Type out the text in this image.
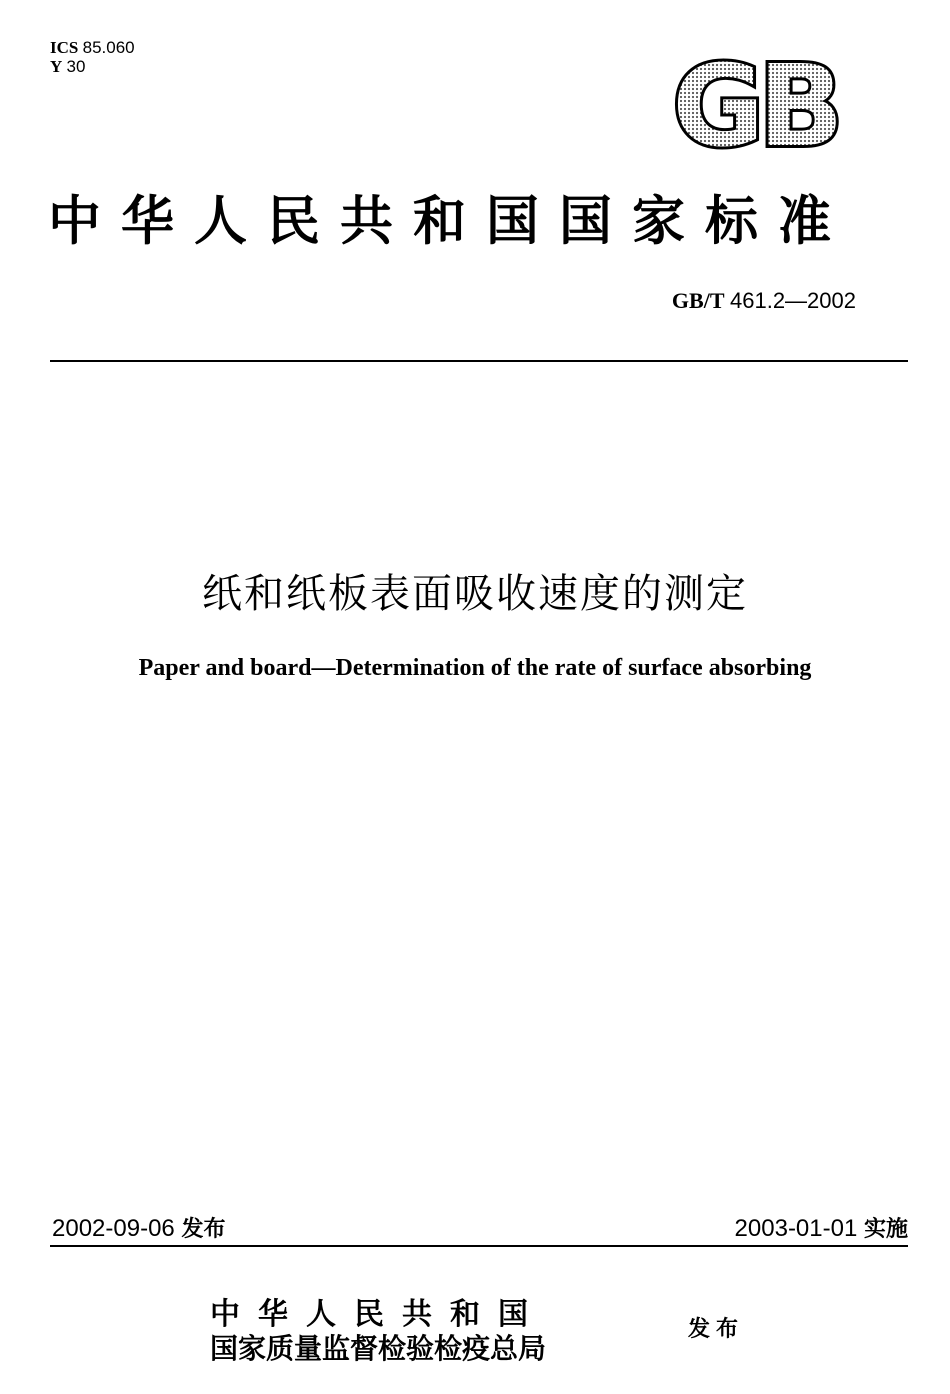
ICS 85.060
Y 30	GB
中华人民共和国国家标准
GB/T 461.2—2002
纸和纸板表面吸收速度的测定
Paper and board—Determination of the rate of surface absorbing
2002-09-06 发布	2003-01-01 实施
中华人民共和国
国家质量监督检验检疫总局
发布
